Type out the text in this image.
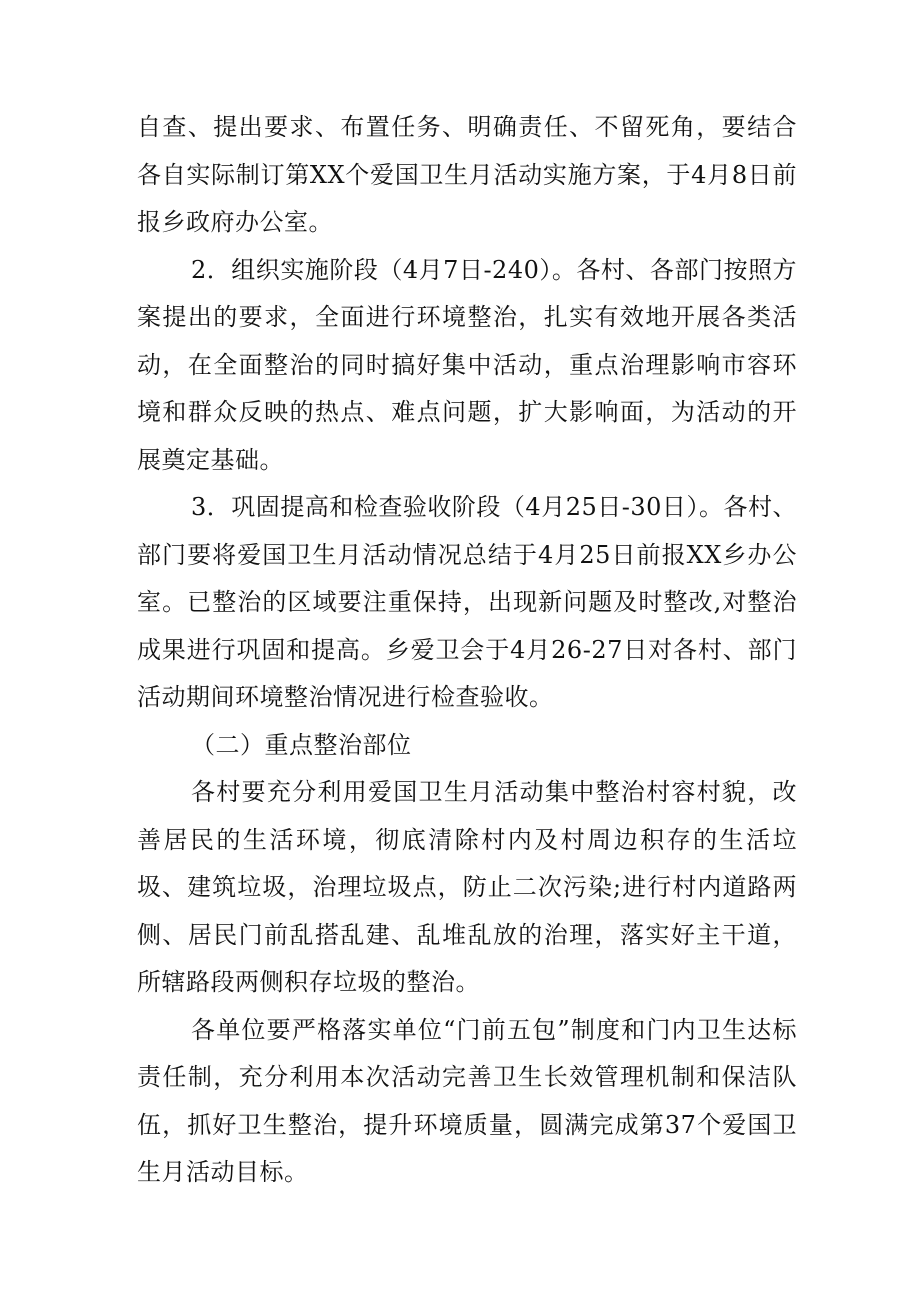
自查、提出要求、布置任务、明确责任、不留死角，要结合各自实际制订第XX个爱国卫生月活动实施方案，于4月8日前报乡政府办公室。

2．组织实施阶段（4月7日-240）。各村、各部门按照方案提出的要求，全面进行环境整治，扎实有效地开展各类活动，在全面整治的同时搞好集中活动，重点治理影响市容环境和群众反映的热点、难点问题，扩大影响面，为活动的开展奠定基础。

3．巩固提高和检查验收阶段（4月25日-30日）。各村、部门要将爱国卫生月活动情况总结于4月25日前报XX乡办公室。已整治的区域要注重保持，出现新问题及时整改,对整治成果进行巩固和提高。乡爱卫会于4月26-27日对各村、部门活动期间环境整治情况进行检查验收。

（二）重点整治部位

各村要充分利用爱国卫生月活动集中整治村容村貌，改善居民的生活环境，彻底清除村内及村周边积存的生活垃圾、建筑垃圾，治理垃圾点，防止二次污染;进行村内道路两侧、居民门前乱搭乱建、乱堆乱放的治理，落实好主干道，所辖路段两侧积存垃圾的整治。

各单位要严格落实单位“门前五包”制度和门内卫生达标责任制，充分利用本次活动完善卫生长效管理机制和保洁队伍，抓好卫生整治，提升环境质量，圆满完成第37个爱国卫生月活动目标。
